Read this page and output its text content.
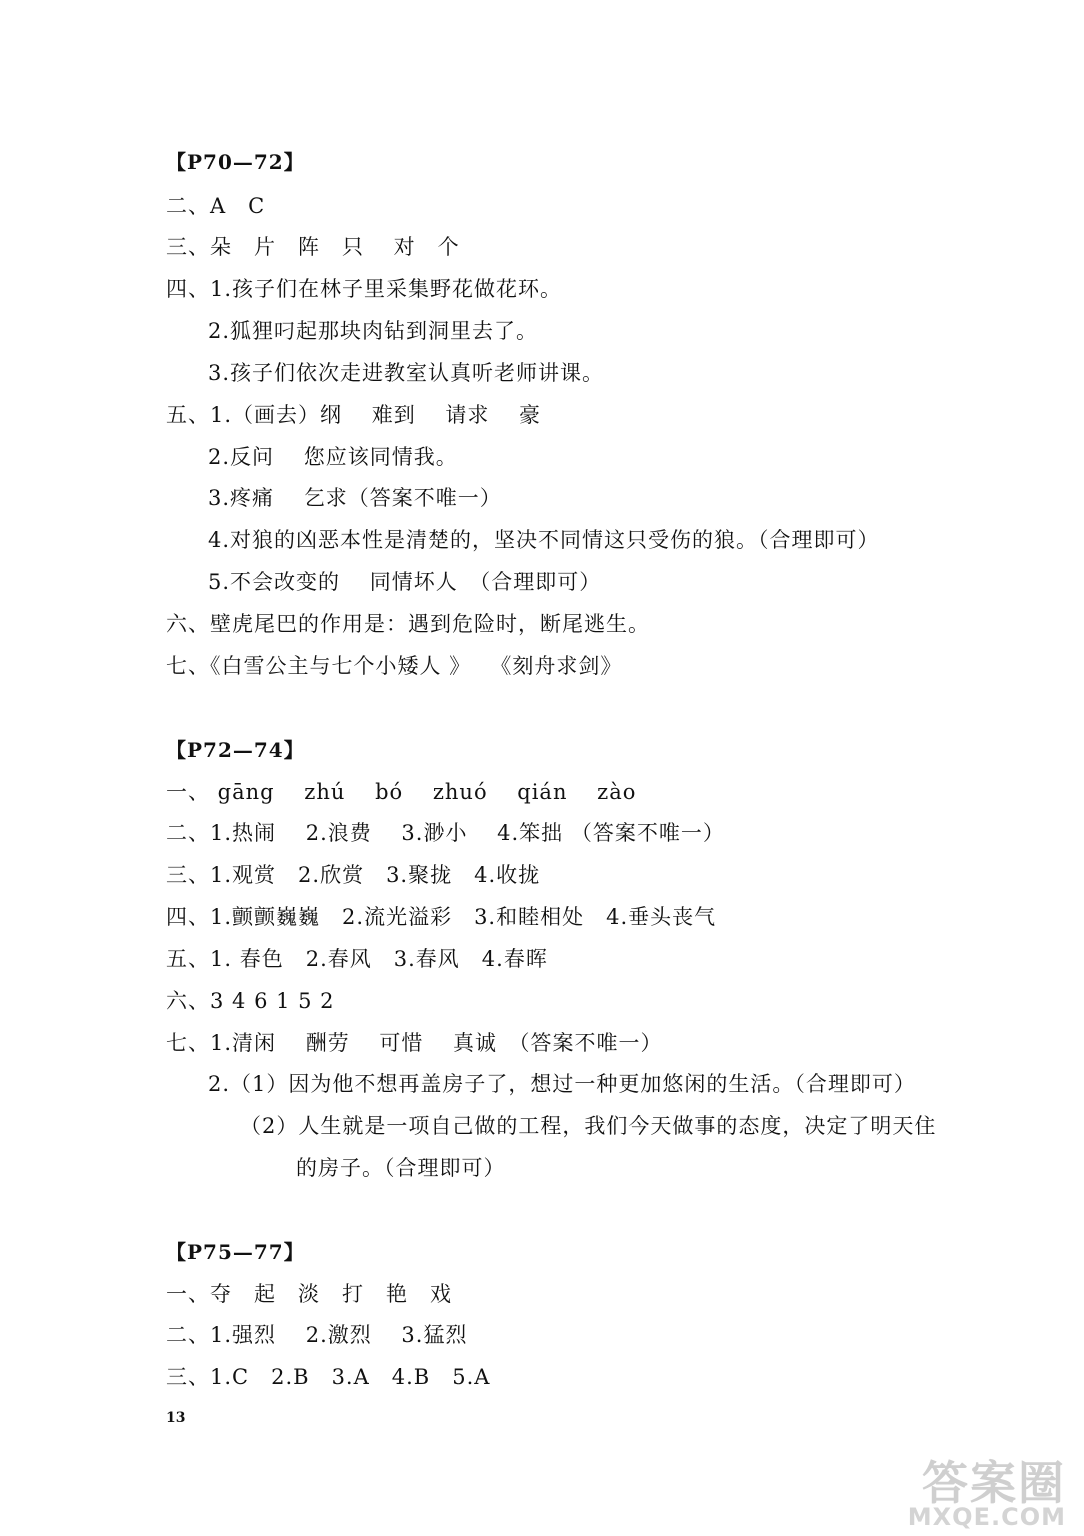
【P70—72】
二、A　C
三、朵　片　阵　只　 对　个
四、1.孩子们在林子里采集野花做花环。
2.狐狸叼起那块肉钻到洞里去了。
3.孩子们依次走进教室认真听老师讲课。
五、1.（画去）纲　 难到　 请求　 豪
2.反问　 您应该同情我。
3.疼痛　 乞求（答案不唯一）
4.对狼的凶恶本性是清楚的，坚决不同情这只受伤的狼。（合理即可）
5.不会改变的　 同情坏人　（合理即可）
六、壁虎尾巴的作用是：遇到危险时，断尾逃生。
七、《白雪公主与七个小矮人 》　 《刻舟求剑》
【P72—74】
一、 gāng　 zhú　 bó　 zhuó　 qián　 zào
二、1.热闹　 2.浪费　 3.渺小　 4.笨拙 （答案不唯一）
三、1.观赏　2.欣赏　3.聚拢　4.收拢
四、1.颤颤巍巍　2.流光溢彩　3.和睦相处　4.垂头丧气
五、1. 春色　2.春风　3.春风　4.春晖
六、3 4 6 1 5 2
七、1.清闲　 酬劳　 可惜　 真诚　（答案不唯一）
2.（1）因为他不想再盖房子了，想过一种更加悠闲的生活。（合理即可）
（2）人生就是一项自己做的工程，我们今天做事的态度，决定了明天住
的房子。（合理即可）
【P75—77】
一、夺　起　淡　打　艳　戏
二、1.强烈　 2.激烈　 3.猛烈
三、1.C　2.B　3.A　4.B　5.A
13
答案圈
MXQE.COM
